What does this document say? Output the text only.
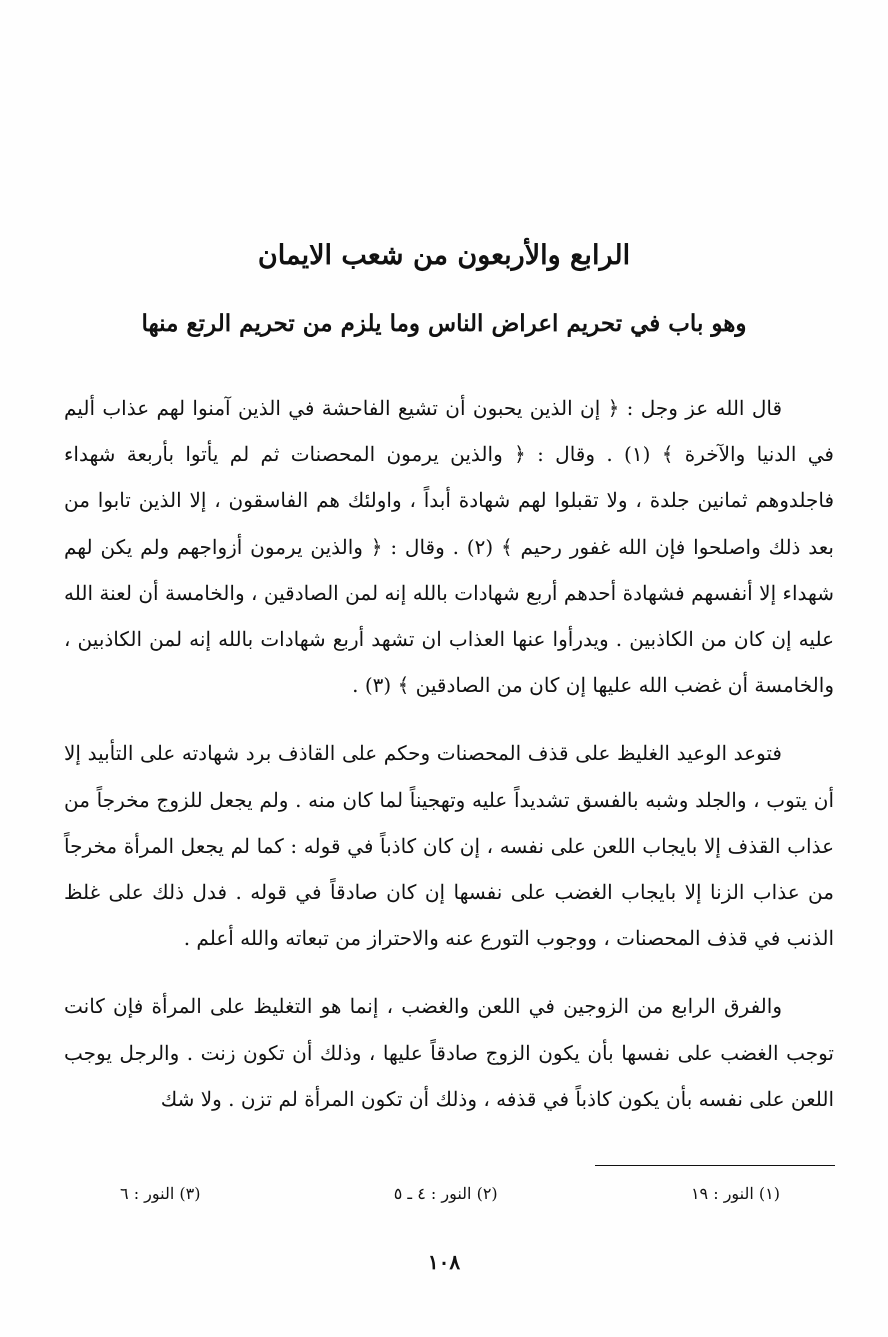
الرابع والأربعون من شعب الايمان
وهو باب في تحريم اعراض الناس وما يلزم من تحريم الرتع منها

قال الله عز وجل : ﴿ إن الذين يحبون أن تشيع الفاحشة في الذين آمنوا لهم عذاب أليم في الدنيا والآخرة ﴾ (١) . وقال : ﴿ والذين يرمون المحصنات ثم لم يأتوا بأربعة شهداء فاجلدوهم ثمانين جلدة ، ولا تقبلوا لهم شهادة أبداً ، واولئك هم الفاسقون ، إلا الذين تابوا من بعد ذلك واصلحوا فإن الله غفور رحيم ﴾ (٢) . وقال : ﴿ والذين يرمون أزواجهم ولم يكن لهم شهداء إلا أنفسهم فشهادة أحدهم أربع شهادات بالله إنه لمن الصادقين ، والخامسة أن لعنة الله عليه إن كان من الكاذبين . ويدرأوا عنها العذاب ان تشهد أربع شهادات بالله إنه لمن الكاذبين ، والخامسة أن غضب الله عليها إن كان من الصادقين ﴾ (٣) .

فتوعد الوعيد الغليظ على قذف المحصنات وحكم على القاذف برد شهادته على التأبيد إلا أن يتوب ، والجلد وشبه بالفسق تشديداً عليه وتهجيناً لما كان منه . ولم يجعل للزوج مخرجاً من عذاب القذف إلا بايجاب اللعن على نفسه ، إن كان كاذباً في قوله : كما لم يجعل المرأة مخرجاً من عذاب الزنا إلا بايجاب الغضب على نفسها إن كان صادقاً في قوله . فدل ذلك على غلظ الذنب في قذف المحصنات ، ووجوب التورع عنه والاحتراز من تبعاته والله أعلم .

والفرق الرابع من الزوجين في اللعن والغضب ، إنما هو التغليظ على المرأة فإن كانت توجب الغضب على نفسها بأن يكون الزوج صادقاً عليها ، وذلك أن تكون زنت . والرجل يوجب اللعن على نفسه بأن يكون كاذباً في قذفه ، وذلك أن تكون المرأة لم تزن . ولا شك

(١) النور : ١٩
(٢) النور : ٤ ـ ٥
(٣) النور : ٦
١٠٨
